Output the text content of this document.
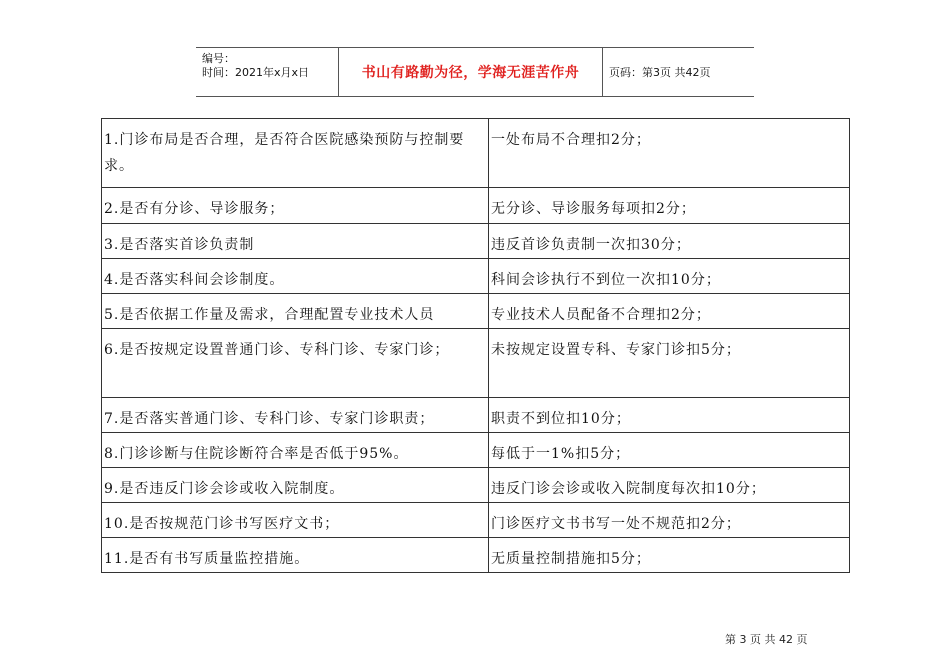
编号：
时间：2021年x月x日	书山有路勤为径，学海无涯苦作舟	页码：第3页 共42页
1.门诊布局是否合理，是否符合医院感染预防与控制要求。	一处布局不合理扣2分；

2.是否有分诊、导诊服务；	无分诊、导诊服务每项扣2分；

3.是否落实首诊负责制	违反首诊负责制一次扣30分；

4.是否落实科间会诊制度。	科间会诊执行不到位一次扣10分；

5.是否依据工作量及需求，合理配置专业技术人员	专业技术人员配备不合理扣2分；

6.是否按规定设置普通门诊、专科门诊、专家门诊；	未按规定设置专科、专家门诊扣5分；

7.是否落实普通门诊、专科门诊、专家门诊职责；	职责不到位扣10分；

8.门诊诊断与住院诊断符合率是否低于95%。	每低于一1%扣5分；

9.是否违反门诊会诊或收入院制度。	违反门诊会诊或收入院制度每次扣10分；

10.是否按规范门诊书写医疗文书；	门诊医疗文书书写一处不规范扣2分；

11.是否有书写质量监控措施。	无质量控制措施扣5分；
第 3 页 共 42 页
